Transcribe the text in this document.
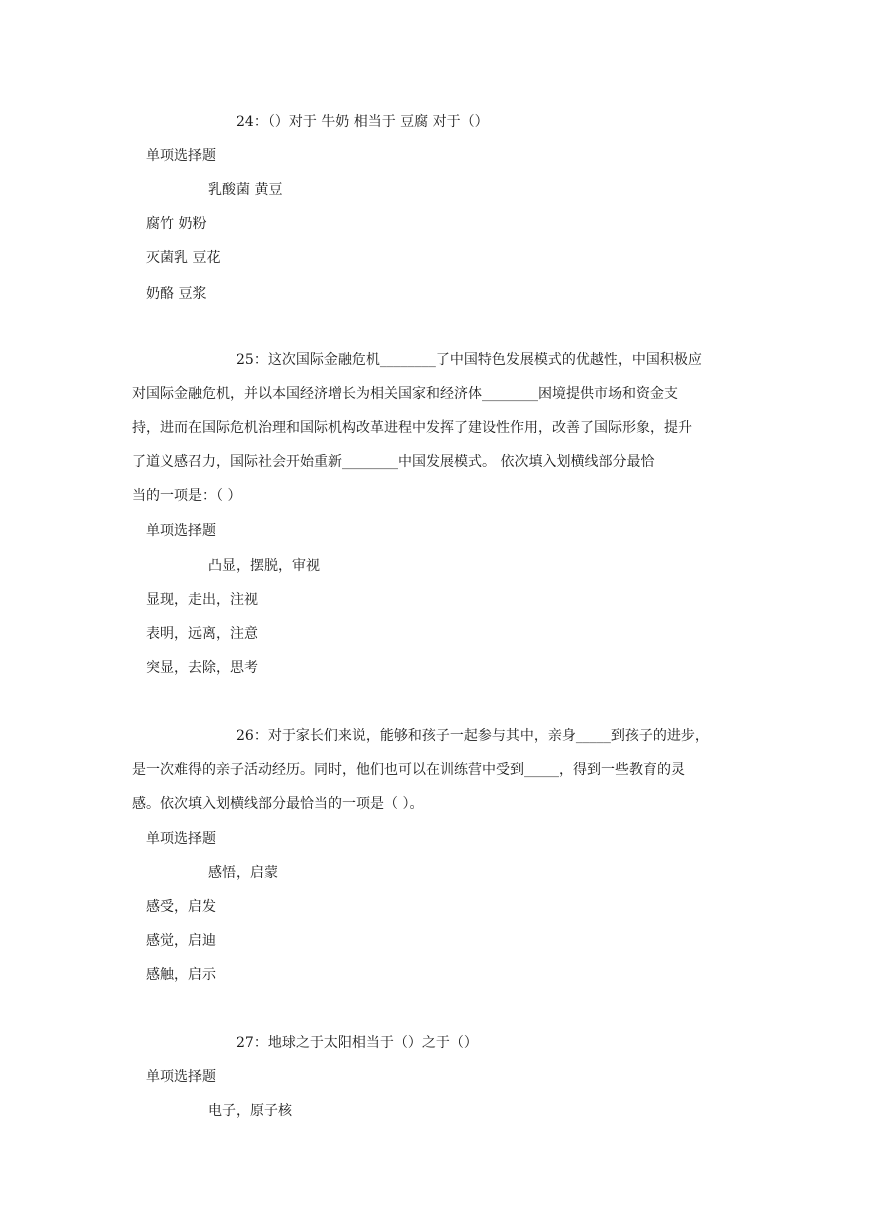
24：（）对于 牛奶 相当于 豆腐 对于（）
单项选择题
乳酸菌 黄豆
腐竹 奶粉
灭菌乳 豆花
奶酪 豆浆
25：这次国际金融危机________了中国特色发展模式的优越性，中国积极应
对国际金融危机，并以本国经济增长为相关国家和经济体________困境提供市场和资金支
持，进而在国际危机治理和国际机构改革进程中发挥了建设性作用，改善了国际形象，提升
了道义感召力，国际社会开始重新________中国发展模式。 依次填入划横线部分最恰
当的一项是：（ ）
单项选择题
凸显，摆脱，审视
显现，走出，注视
表明，远离，注意
突显，去除，思考
26：对于家长们来说，能够和孩子一起参与其中，亲身_____到孩子的进步，
是一次难得的亲子活动经历。同时，他们也可以在训练营中受到_____，得到一些教育的灵
感。依次填入划横线部分最恰当的一项是（ ）。
单项选择题
感悟，启蒙
感受，启发
感觉，启迪
感触，启示
27：地球之于太阳相当于（）之于（）
单项选择题
电子，原子核
